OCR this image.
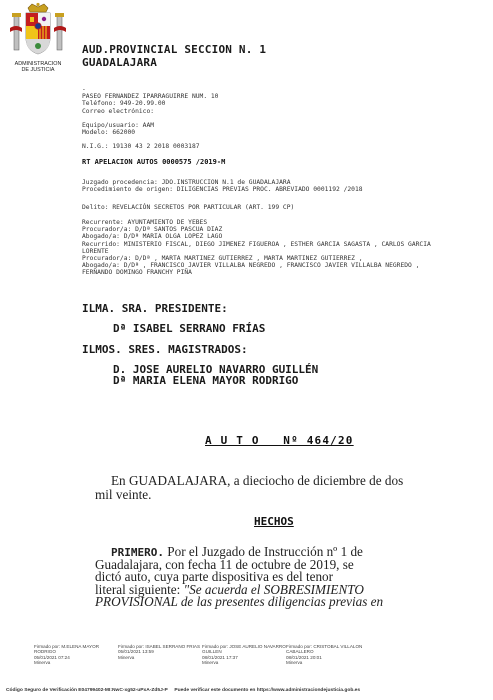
ADMINISTRACION
DE JUSTICIA
AUD.PROVINCIAL SECCION N. 1
GUADALAJARA
-
PASEO FERNANDEZ IPARRAGUIRRE NUM. 10
Teléfono: 949-20.99.00
Correo electrónico:
Equipo/usuario: AAM
Modelo: 662000
N.I.G.: 19130 43 2 2018 0003187
RT APELACION AUTOS 0000575 /2019-M
Juzgado procedencia: JDO.INSTRUCCION N.1 de GUADALAJARA
Procedimiento de origen: DILIGENCIAS PREVIAS PROC. ABREVIADO 0001192 /2018
Delito: REVELACIÓN SECRETOS POR PARTICULAR (ART. 199 CP)
Recurrente: AYUNTAMIENTO DE YEBES
Procurador/a: D/Dª SANTOS PASCUA DIAZ
Abogado/a: D/Dª MARIA OLGA LOPEZ LAGO
Recurrido: MINISTERIO FISCAL, DIEGO JIMENEZ FIGUEROA , ESTHER GARCIA SAGASTA , CARLOS GARCIA
LORENTE
Procurador/a: D/Dª , MARTA MARTINEZ GUTIERREZ , MARTA MARTINEZ GUTIERREZ ,
Abogado/a: D/Dª , FRANCISCO JAVIER VILLALBA NEGREDO , FRANCISCO JAVIER VILLALBA NEGREDO ,
FERNANDO DOMINGO FRANCHY PIÑA
ILMA. SRA. PRESIDENTE:
Dª ISABEL SERRANO FRÍAS
ILMOS. SRES. MAGISTRADOS:
D. JOSE AURELIO NAVARRO GUILLÉN
Dª MARIA ELENA MAYOR RODRIGO
A U T O   Nº 464/20
En GUADALAJARA, a dieciocho de diciembre de dos
mil veinte.
HECHOS
PRIMERO. Por el Juzgado de Instrucción nº 1 de
Guadalajara, con fecha 11 de octubre de 2019, se
dictó auto, cuya parte dispositiva es del tenor
literal siguiente: "Se acuerda el SOBRESIMIENTO
PROVISIONAL de las presentes diligencias previas en
Firmado por: M.ELENA MAYOR
RODRIGO
05/01/2021 07:24
Minerva
Firmado por: ISABEL SERRANO FRIAS
05/01/2021 13:59
Minerva
Firmado por: JOSE AURELIO NAVARRO
GUILLEN
08/01/2021 17:37
Minerva
Firmado por: CRISTOBAL VILLALON
CABALLERO
08/01/2021 20:01
Minerva
Código Seguro de Verificación E04799402-MI:NwC-xg52-uPxA-Zd5J-P     Puede verificar este documento en https://www.administraciondejusticia.gob.es
